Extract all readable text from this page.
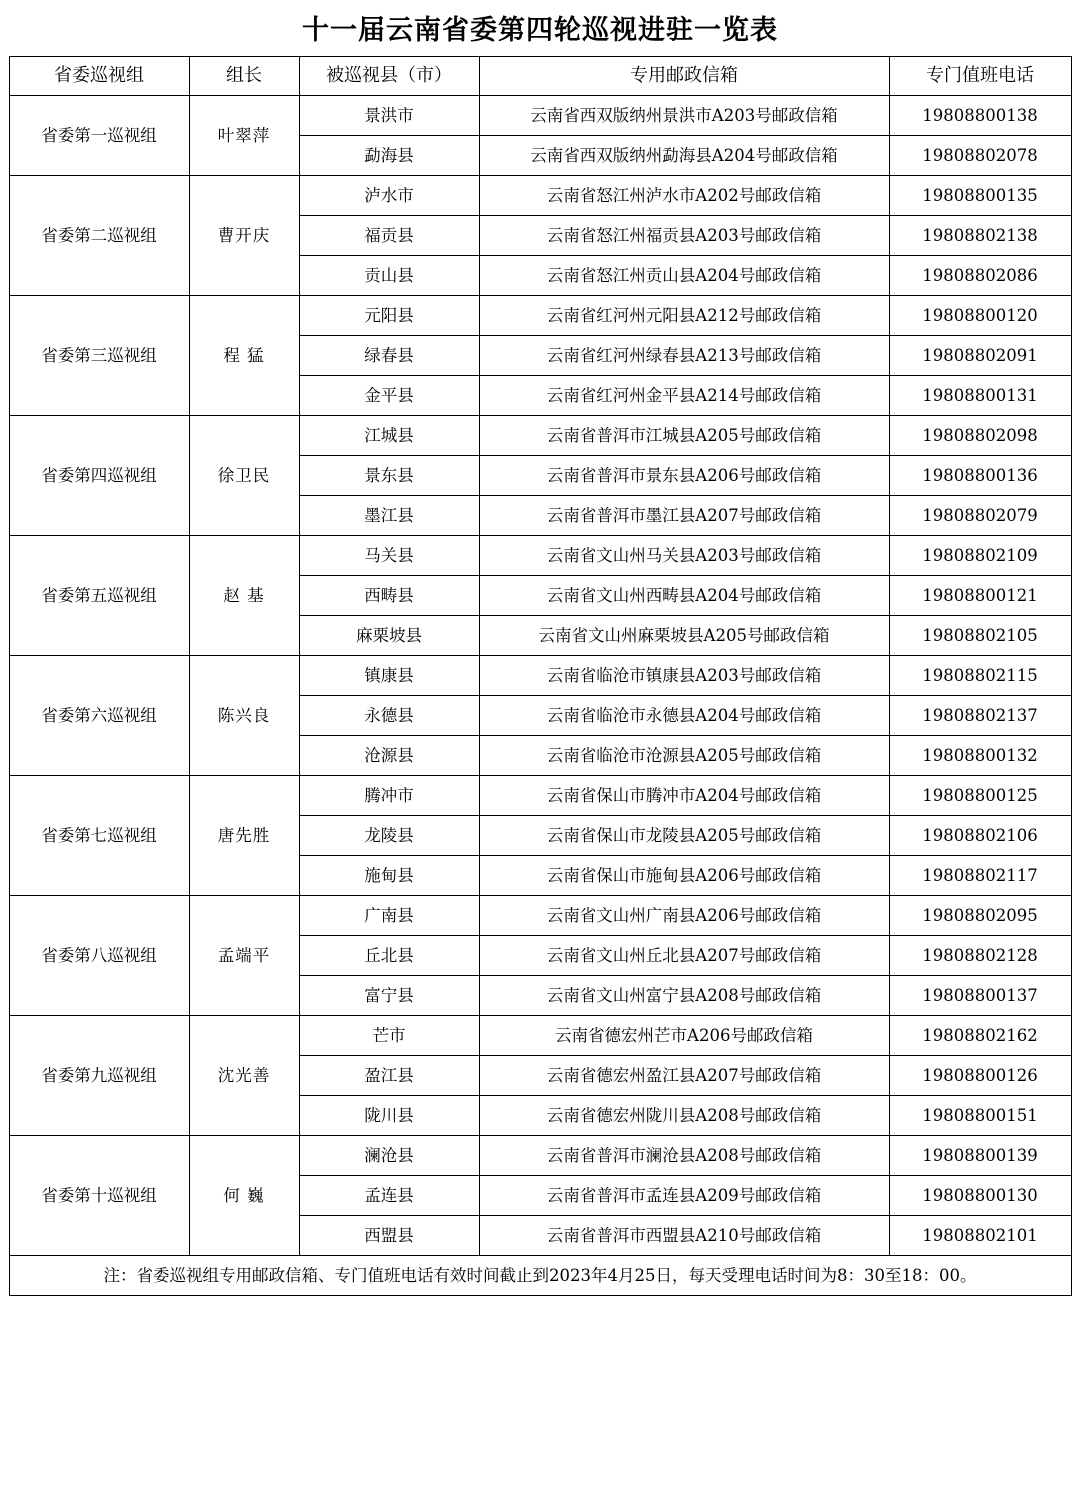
十一届云南省委第四轮巡视进驻一览表
省委巡视组	组长	被巡视县（市）	专用邮政信箱	专门值班电话
省委第一巡视组	叶翠萍	景洪市	云南省西双版纳州景洪市A203号邮政信箱	19808800138
		勐海县	云南省西双版纳州勐海县A204号邮政信箱	19808802078
省委第二巡视组	曹开庆	泸水市	云南省怒江州泸水市A202号邮政信箱	19808800135
		福贡县	云南省怒江州福贡县A203号邮政信箱	19808802138
		贡山县	云南省怒江州贡山县A204号邮政信箱	19808802086
省委第三巡视组	程 猛	元阳县	云南省红河州元阳县A212号邮政信箱	19808800120
		绿春县	云南省红河州绿春县A213号邮政信箱	19808802091
		金平县	云南省红河州金平县A214号邮政信箱	19808800131
省委第四巡视组	徐卫民	江城县	云南省普洱市江城县A205号邮政信箱	19808802098
		景东县	云南省普洱市景东县A206号邮政信箱	19808800136
		墨江县	云南省普洱市墨江县A207号邮政信箱	19808802079
省委第五巡视组	赵 基	马关县	云南省文山州马关县A203号邮政信箱	19808802109
		西畴县	云南省文山州西畴县A204号邮政信箱	19808800121
		麻栗坡县	云南省文山州麻栗坡县A205号邮政信箱	19808802105
省委第六巡视组	陈兴良	镇康县	云南省临沧市镇康县A203号邮政信箱	19808802115
		永德县	云南省临沧市永德县A204号邮政信箱	19808802137
		沧源县	云南省临沧市沧源县A205号邮政信箱	19808800132
省委第七巡视组	唐先胜	腾冲市	云南省保山市腾冲市A204号邮政信箱	19808800125
		龙陵县	云南省保山市龙陵县A205号邮政信箱	19808802106
		施甸县	云南省保山市施甸县A206号邮政信箱	19808802117
省委第八巡视组	孟端平	广南县	云南省文山州广南县A206号邮政信箱	19808802095
		丘北县	云南省文山州丘北县A207号邮政信箱	19808802128
		富宁县	云南省文山州富宁县A208号邮政信箱	19808800137
省委第九巡视组	沈光善	芒市	云南省德宏州芒市A206号邮政信箱	19808802162
		盈江县	云南省德宏州盈江县A207号邮政信箱	19808800126
		陇川县	云南省德宏州陇川县A208号邮政信箱	19808800151
省委第十巡视组	何 巍	澜沧县	云南省普洱市澜沧县A208号邮政信箱	19808800139
		孟连县	云南省普洱市孟连县A209号邮政信箱	19808800130
		西盟县	云南省普洱市西盟县A210号邮政信箱	19808802101
注：省委巡视组专用邮政信箱、专门值班电话有效时间截止到2023年4月25日，每天受理电话时间为8：30至18：00。				
